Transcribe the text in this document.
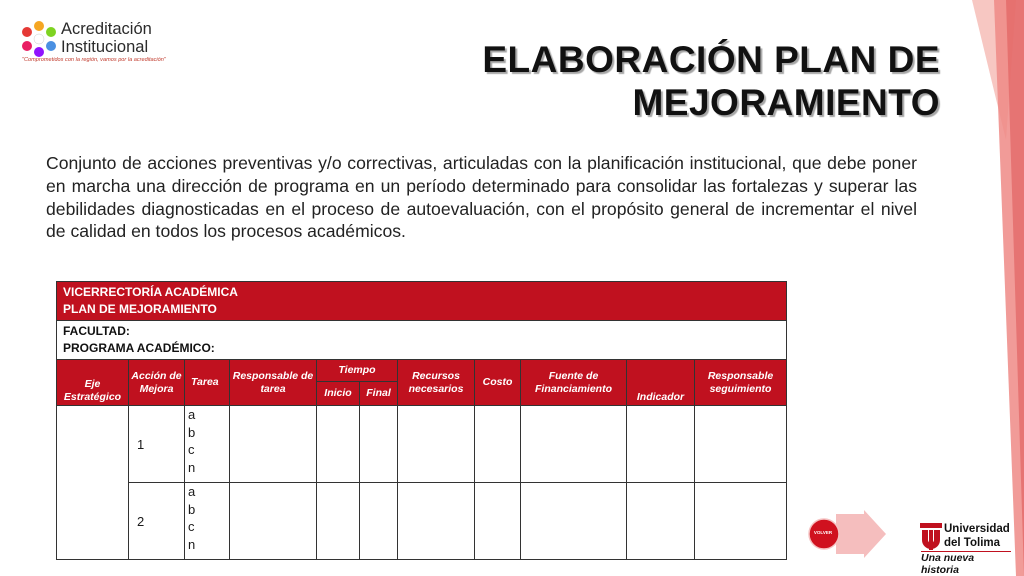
Acreditación
Institucional
"Comprometidos con la región, vamos por la acreditación"	ELABORACIÓN PLAN DE
MEJORAMIENTO

Conjunto de acciones preventivas y/o correctivas, articuladas con la planificación institucional, que debe poner en marcha una dirección de programa en un período determinado para consolidar las fortalezas y superar las debilidades diagnosticadas en el proceso de autoevaluación, con el propósito general de incrementar el nivel de calidad en todos los procesos académicos.

VICERRECTORÍA ACADÉMICA
PLAN DE MEJORAMIENTO										

FACULTAD:
PROGRAMA ACADÉMICO:										

Eje Estratégico	Acción de Mejora	Tarea	Responsable de tarea	Tiempo		Recursos necesarios	Costo	Fuente de Financiamiento	Indicador	Responsable seguimiento
				Inicio	Final					
	1	a
b
c
n								

	2	a
b
c
n								

VOLVER	Universidad
del Tolima
Una nueva historia
